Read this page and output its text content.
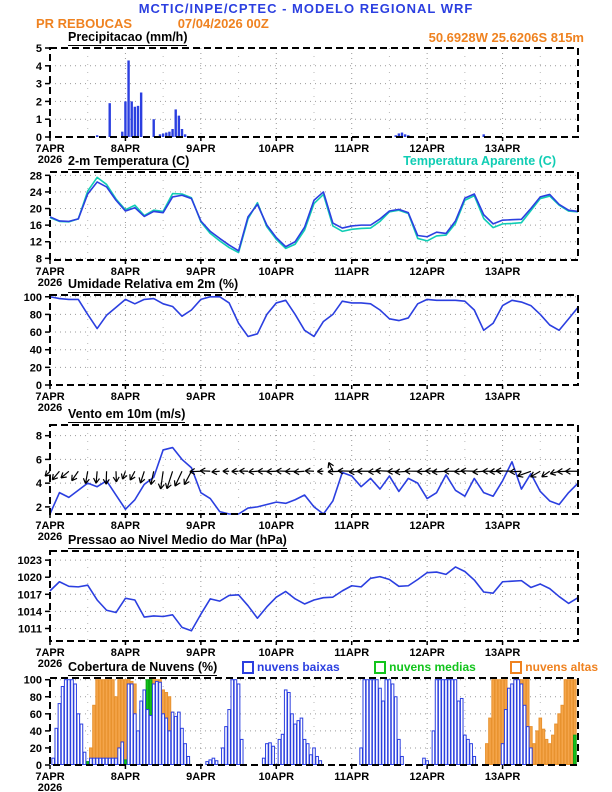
MCTIC/INPE/CPTEC - MODELO REGIONAL WRF
PR REBOUCAS	07/04/2026 00Z
50.6928W 25.6206S 815m
Precipitacao (mm/h)
2-m Temperatura (C)	Temperatura Aparente (C)
Umidade Relativa em 2m (%)
Vento em 10m (m/s)
Pressao ao Nivel Medio do Mar (hPa)
Cobertura de Nuvens (%)	nuvens baixas	nuvens medias	nuvens altas
0
1
2
3
4
5
7APR	8APR	9APR	10APR	11APR	12APR	13APR
2026
8
12
16
20
24
28
7APR	8APR	9APR	10APR	11APR	12APR	13APR
2026
0
20
40
60
80
100
7APR	8APR	9APR	10APR	11APR	12APR	13APR
2026
2
4
6
8
7APR	8APR	9APR	10APR	11APR	12APR	13APR
2026
1011
1014
1017
1020
1023
7APR	8APR	9APR	10APR	11APR	12APR	13APR
2026
0
20
40
60
80
100
7APR	8APR	9APR	10APR	11APR	12APR	13APR
2026
